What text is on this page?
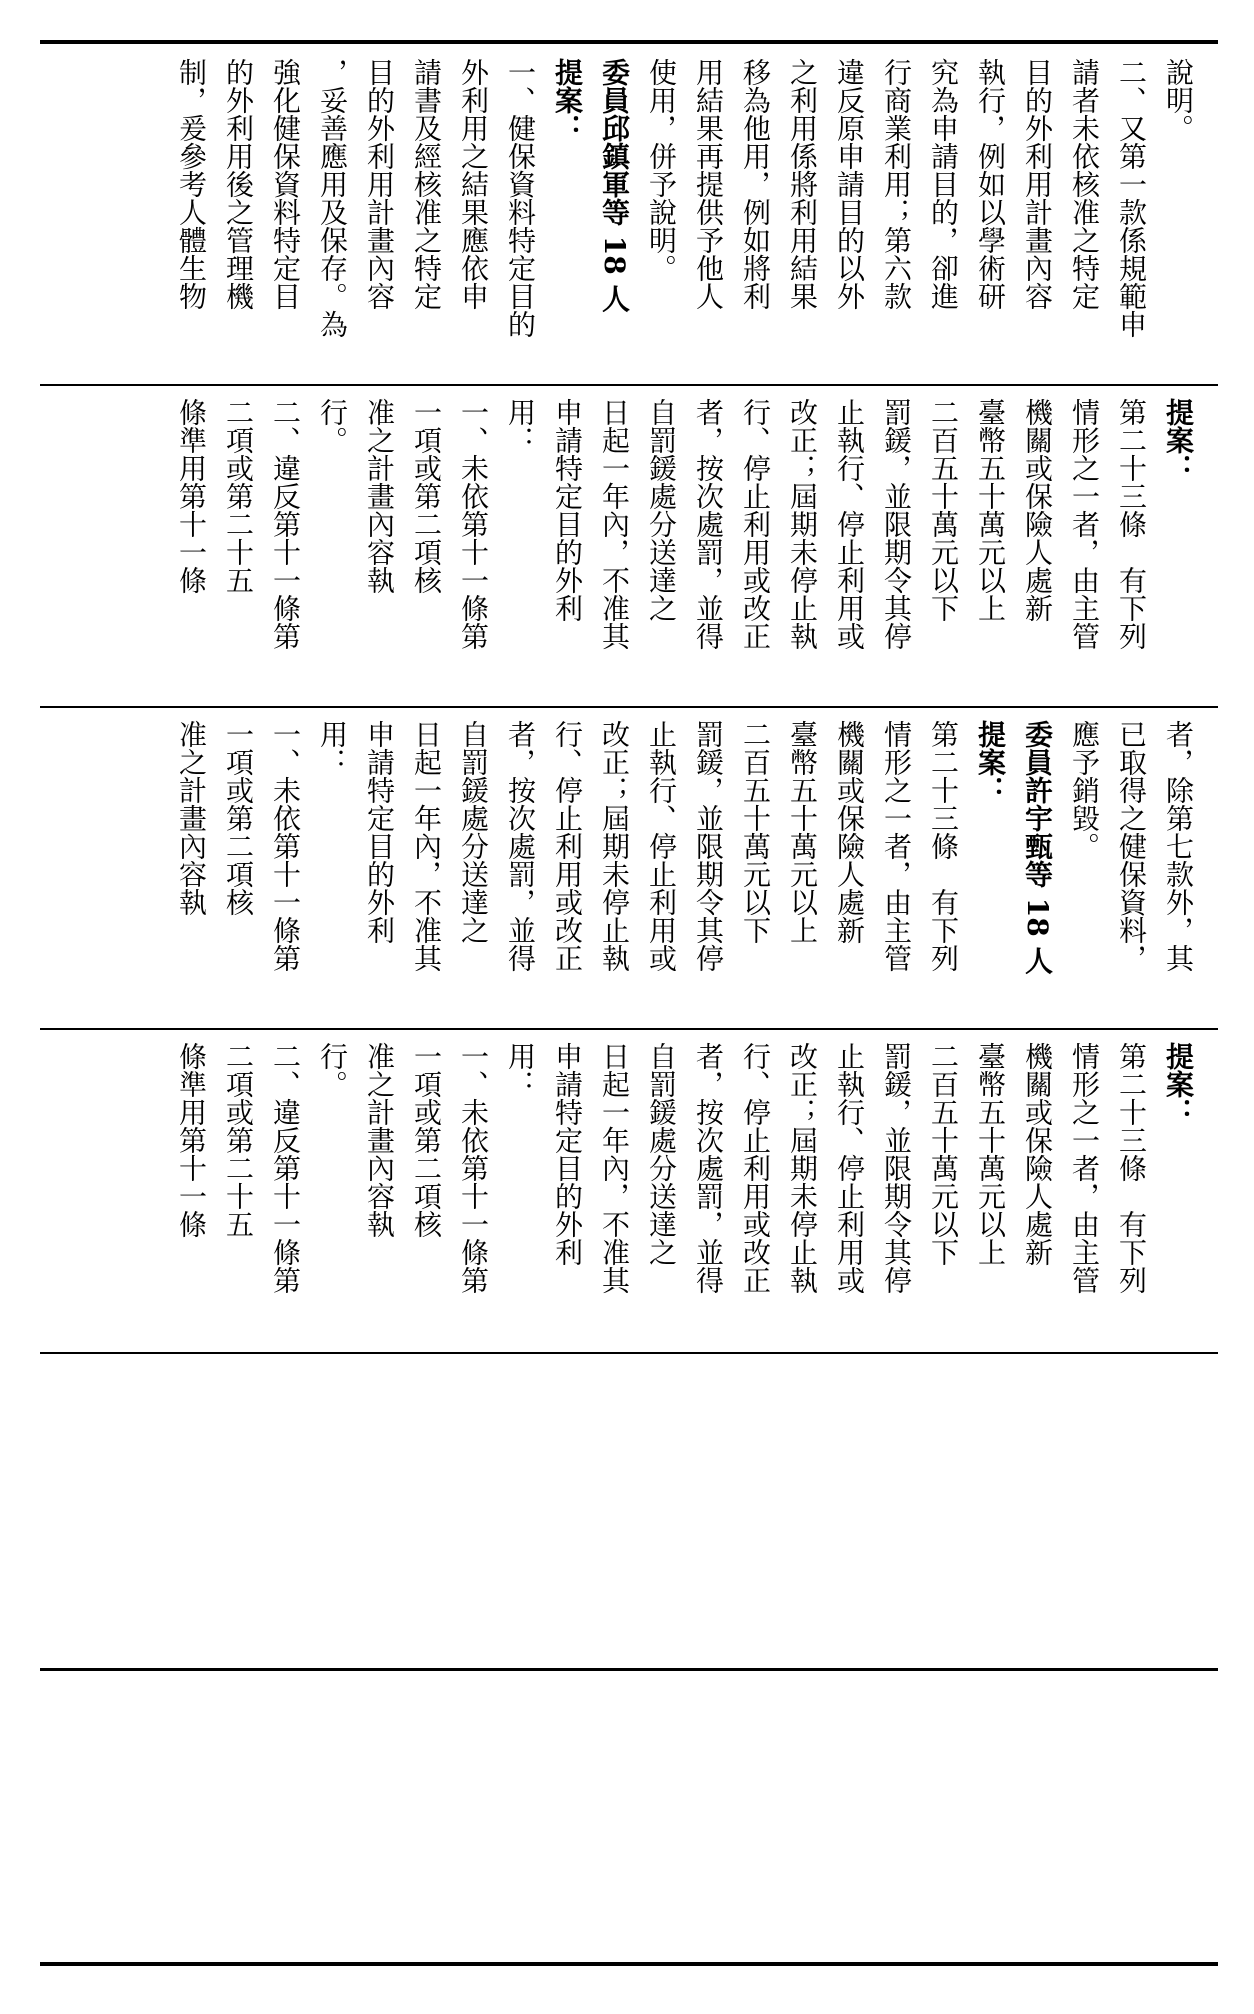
說明。

二、又第一款係規範申

請者未依核准之特定

目的外利用計畫內容

執行，例如以學術研

究為申請目的，卻進

行商業利用；第六款

違反原申請目的以外

之利用係將利用結果

移為他用，例如將利

用結果再提供予他人

使用，併予說明。

委員邱鎮軍等 18 人

提案：

一、健保資料特定目的

外利用之結果應依申

請書及經核准之特定

目的外利用計畫內容

，妥善應用及保存。為

強化健保資料特定目

的外利用後之管理機

制，爰參考人體生物

提案：

第二十三條　有下列

情形之一者，由主管

機關或保險人處新

臺幣五十萬元以上

二百五十萬元以下

罰鍰，並限期令其停

止執行、停止利用或

改正；屆期未停止執

行、停止利用或改正

者，按次處罰，並得

自罰鍰處分送達之

日起一年內，不准其

申請特定目的外利

用：

一、未依第十一條第

一項或第二項核

准之計畫內容執

行。

二、違反第十一條第

二項或第二十五

條準用第十一條

者，除第七款外，其

已取得之健保資料，

應予銷毀。

委員許宇甄等 18 人

提案：

第二十三條　有下列

情形之一者，由主管

機關或保險人處新

臺幣五十萬元以上

二百五十萬元以下

罰鍰，並限期令其停

止執行、停止利用或

改正；屆期未停止執

行、停止利用或改正

者，按次處罰，並得

自罰鍰處分送達之

日起一年內，不准其

申請特定目的外利

用：

一、未依第十一條第

一項或第二項核

准之計畫內容執

提案：

第二十三條　有下列

情形之一者，由主管

機關或保險人處新

臺幣五十萬元以上

二百五十萬元以下

罰鍰，並限期令其停

止執行、停止利用或

改正；屆期未停止執

行、停止利用或改正

者，按次處罰，並得

自罰鍰處分送達之

日起一年內，不准其

申請特定目的外利

用：

一、未依第十一條第

一項或第二項核

准之計畫內容執

行。

二、違反第十一條第

二項或第二十五

條準用第十一條
